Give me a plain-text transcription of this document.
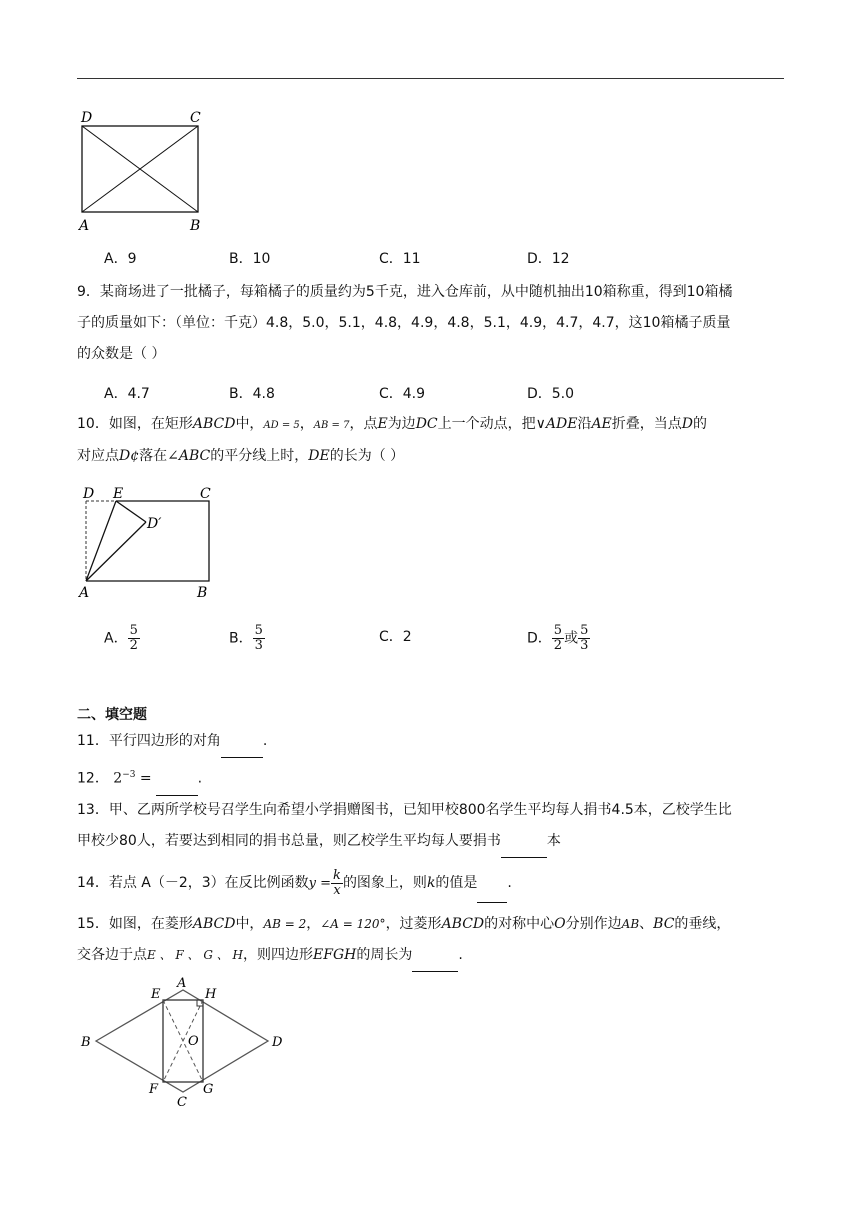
D	C
A	B
A．9	B．10	C．11	D．12
9．某商场进了一批橘子，每箱橘子的质量约为5千克，进入仓库前，从中随机抽出10箱称重，得到10箱橘
子的质量如下：（单位：千克）4.8，5.0，5.1，4.8，4.9，4.8，5.1，4.9，4.7，4.7，这10箱橘子质量
的众数是（ ）
A．4.7	B．4.8	C．4.9	D．5.0
10．如图，在矩形ABCD中，AD = 5，AB = 7，点E为边DC上一个动点，把∨ADE沿AE折叠，当点D的
对应点D¢落在∠ABC的平分线上时，DE的长为（ ）
D E	C
D′
A	B
A． $\frac{5}{2}$	B． $\frac{5}{3}$	C．2	D． $\frac{5}{2}$ 或 $\frac{5}{3}$
二、填空题
11．平行四边形的对角	.
12． $2^{-3}$ =	.
13．甲、乙两所学校号召学生向希望小学捐赠图书，已知甲校800名学生平均每人捐书4.5本，乙校学生比
甲校少80人，若要达到相同的捐书总量，则乙校学生平均每人要捐书	本
14．若点 A（－2，3）在反比例函数$y = \frac{k}{x}$ 的图象上，则k的值是 .
15．如图，在菱形ABCD中，AB = 2，∠A = 120°，过菱形ABCD的对称中心O分别作边AB、BC的垂线，
交各边于点E 、 F 、 G 、 H，则四边形EFGH的周长为	.
A
E	H
B	O	D
F	G
C
